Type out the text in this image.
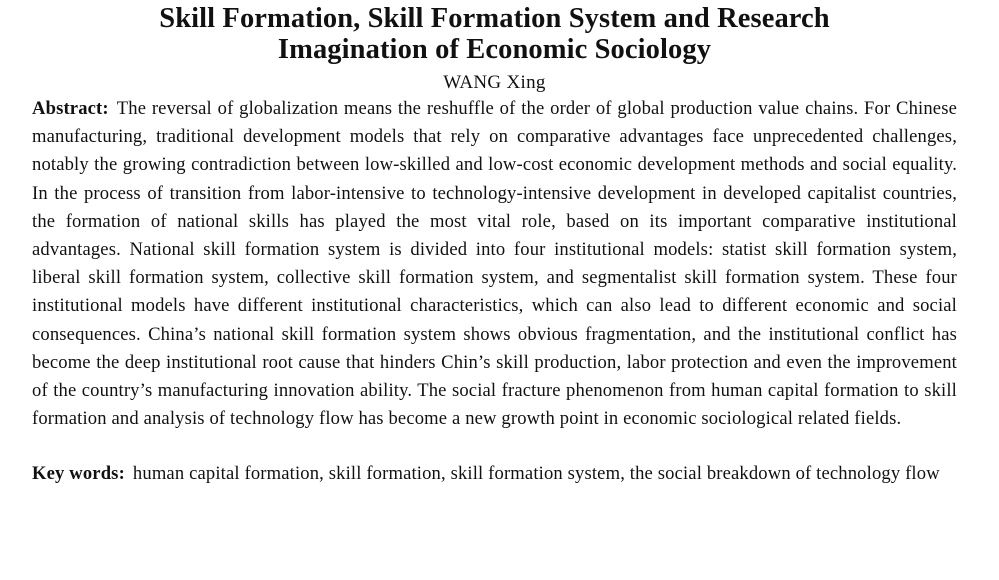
Skill Formation, Skill Formation System and Research
Imagination of Economic Sociology
WANG Xing

Abstract: The reversal of globalization means the reshuffle of the order of global production value chains. For Chinese manufacturing, traditional development models that rely on comparative advantages face unprecedented challenges, notably the growing contradiction between low-skilled and low-cost economic development methods and social equality. In the process of transition from labor-intensive to technology-intensive development in developed capitalist countries, the formation of national skills has played the most vital role, based on its important comparative institutional advantages. National skill formation system is divided into four institutional models: statist skill formation system, liberal skill formation system, collective skill formation system, and segmentalist skill formation system. These four institutional models have different institutional characteristics, which can also lead to different economic and social consequences. China’s national skill formation system shows obvious fragmentation, and the institutional conflict has become the deep institutional root cause that hinders Chin’s skill production, labor protection and even the improvement of the country’s manufacturing innovation ability. The social fracture phenomenon from human capital formation to skill formation and analysis of technology flow has become a new growth point in economic sociological related fields.

Key words: human capital formation, skill formation, skill formation system, the social breakdown of technology flow
